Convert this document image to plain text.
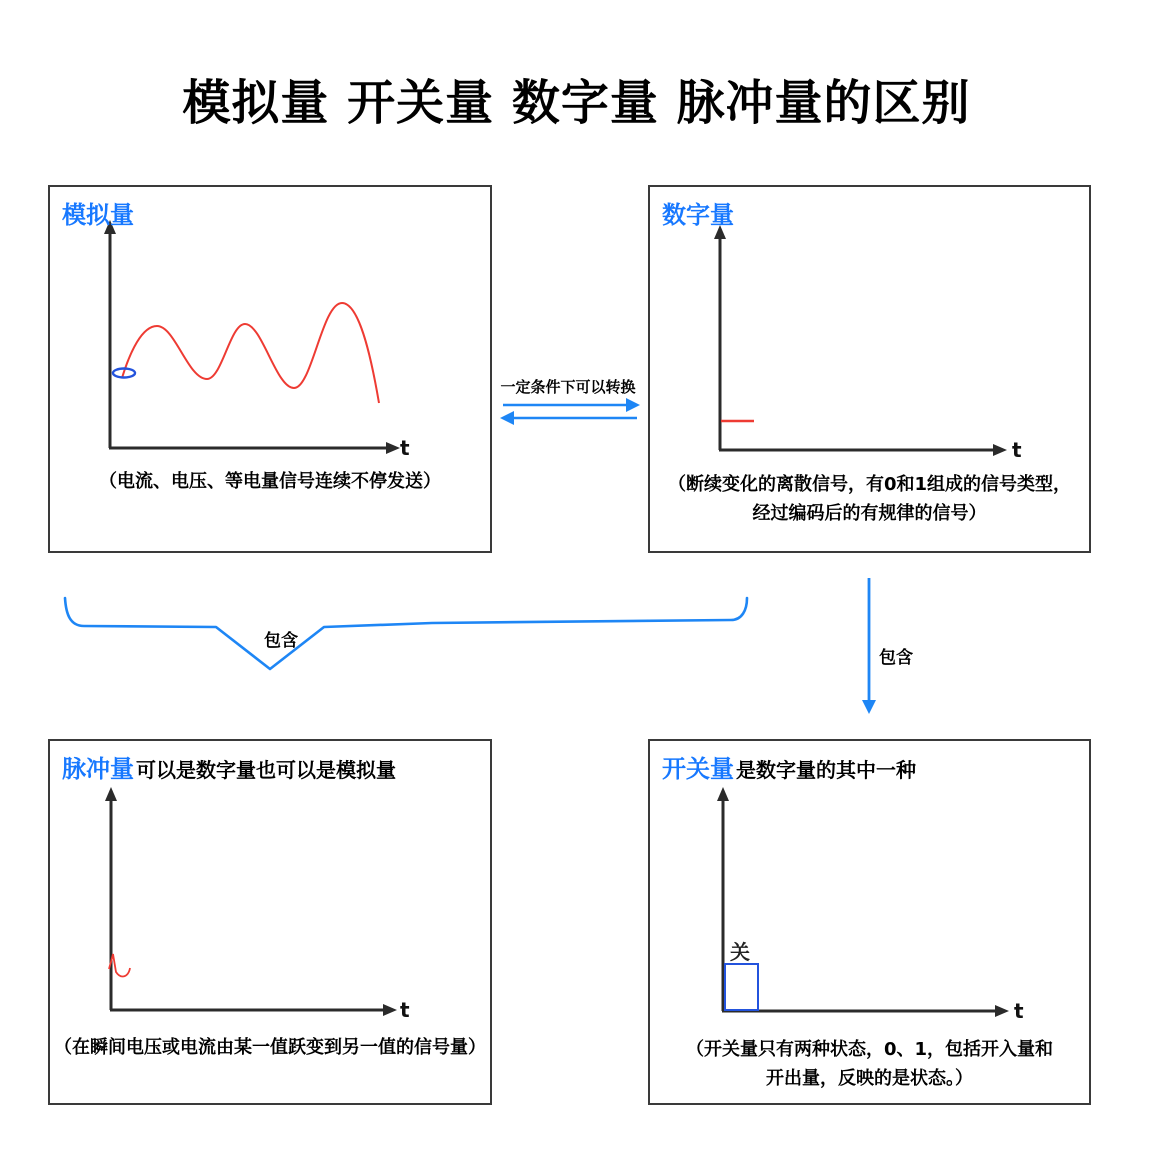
模拟量 开关量 数字量 脉冲量的区别
模拟量
t
（电流、电压、等电量信号连续不停发送）
数字量
t
（断续变化的离散信号，有0和1组成的信号类型，
经过编码后的有规律的信号）
脉冲量 可以是数字量也可以是模拟量
t
（在瞬间电压或电流由某一值跃变到另一值的信号量）
开关量 是数字量的其中一种
关
t
（开关量只有两种状态，0、1，包括开入量和
开出量，反映的是状态。）
一定条件下可以转换
包含
包含
